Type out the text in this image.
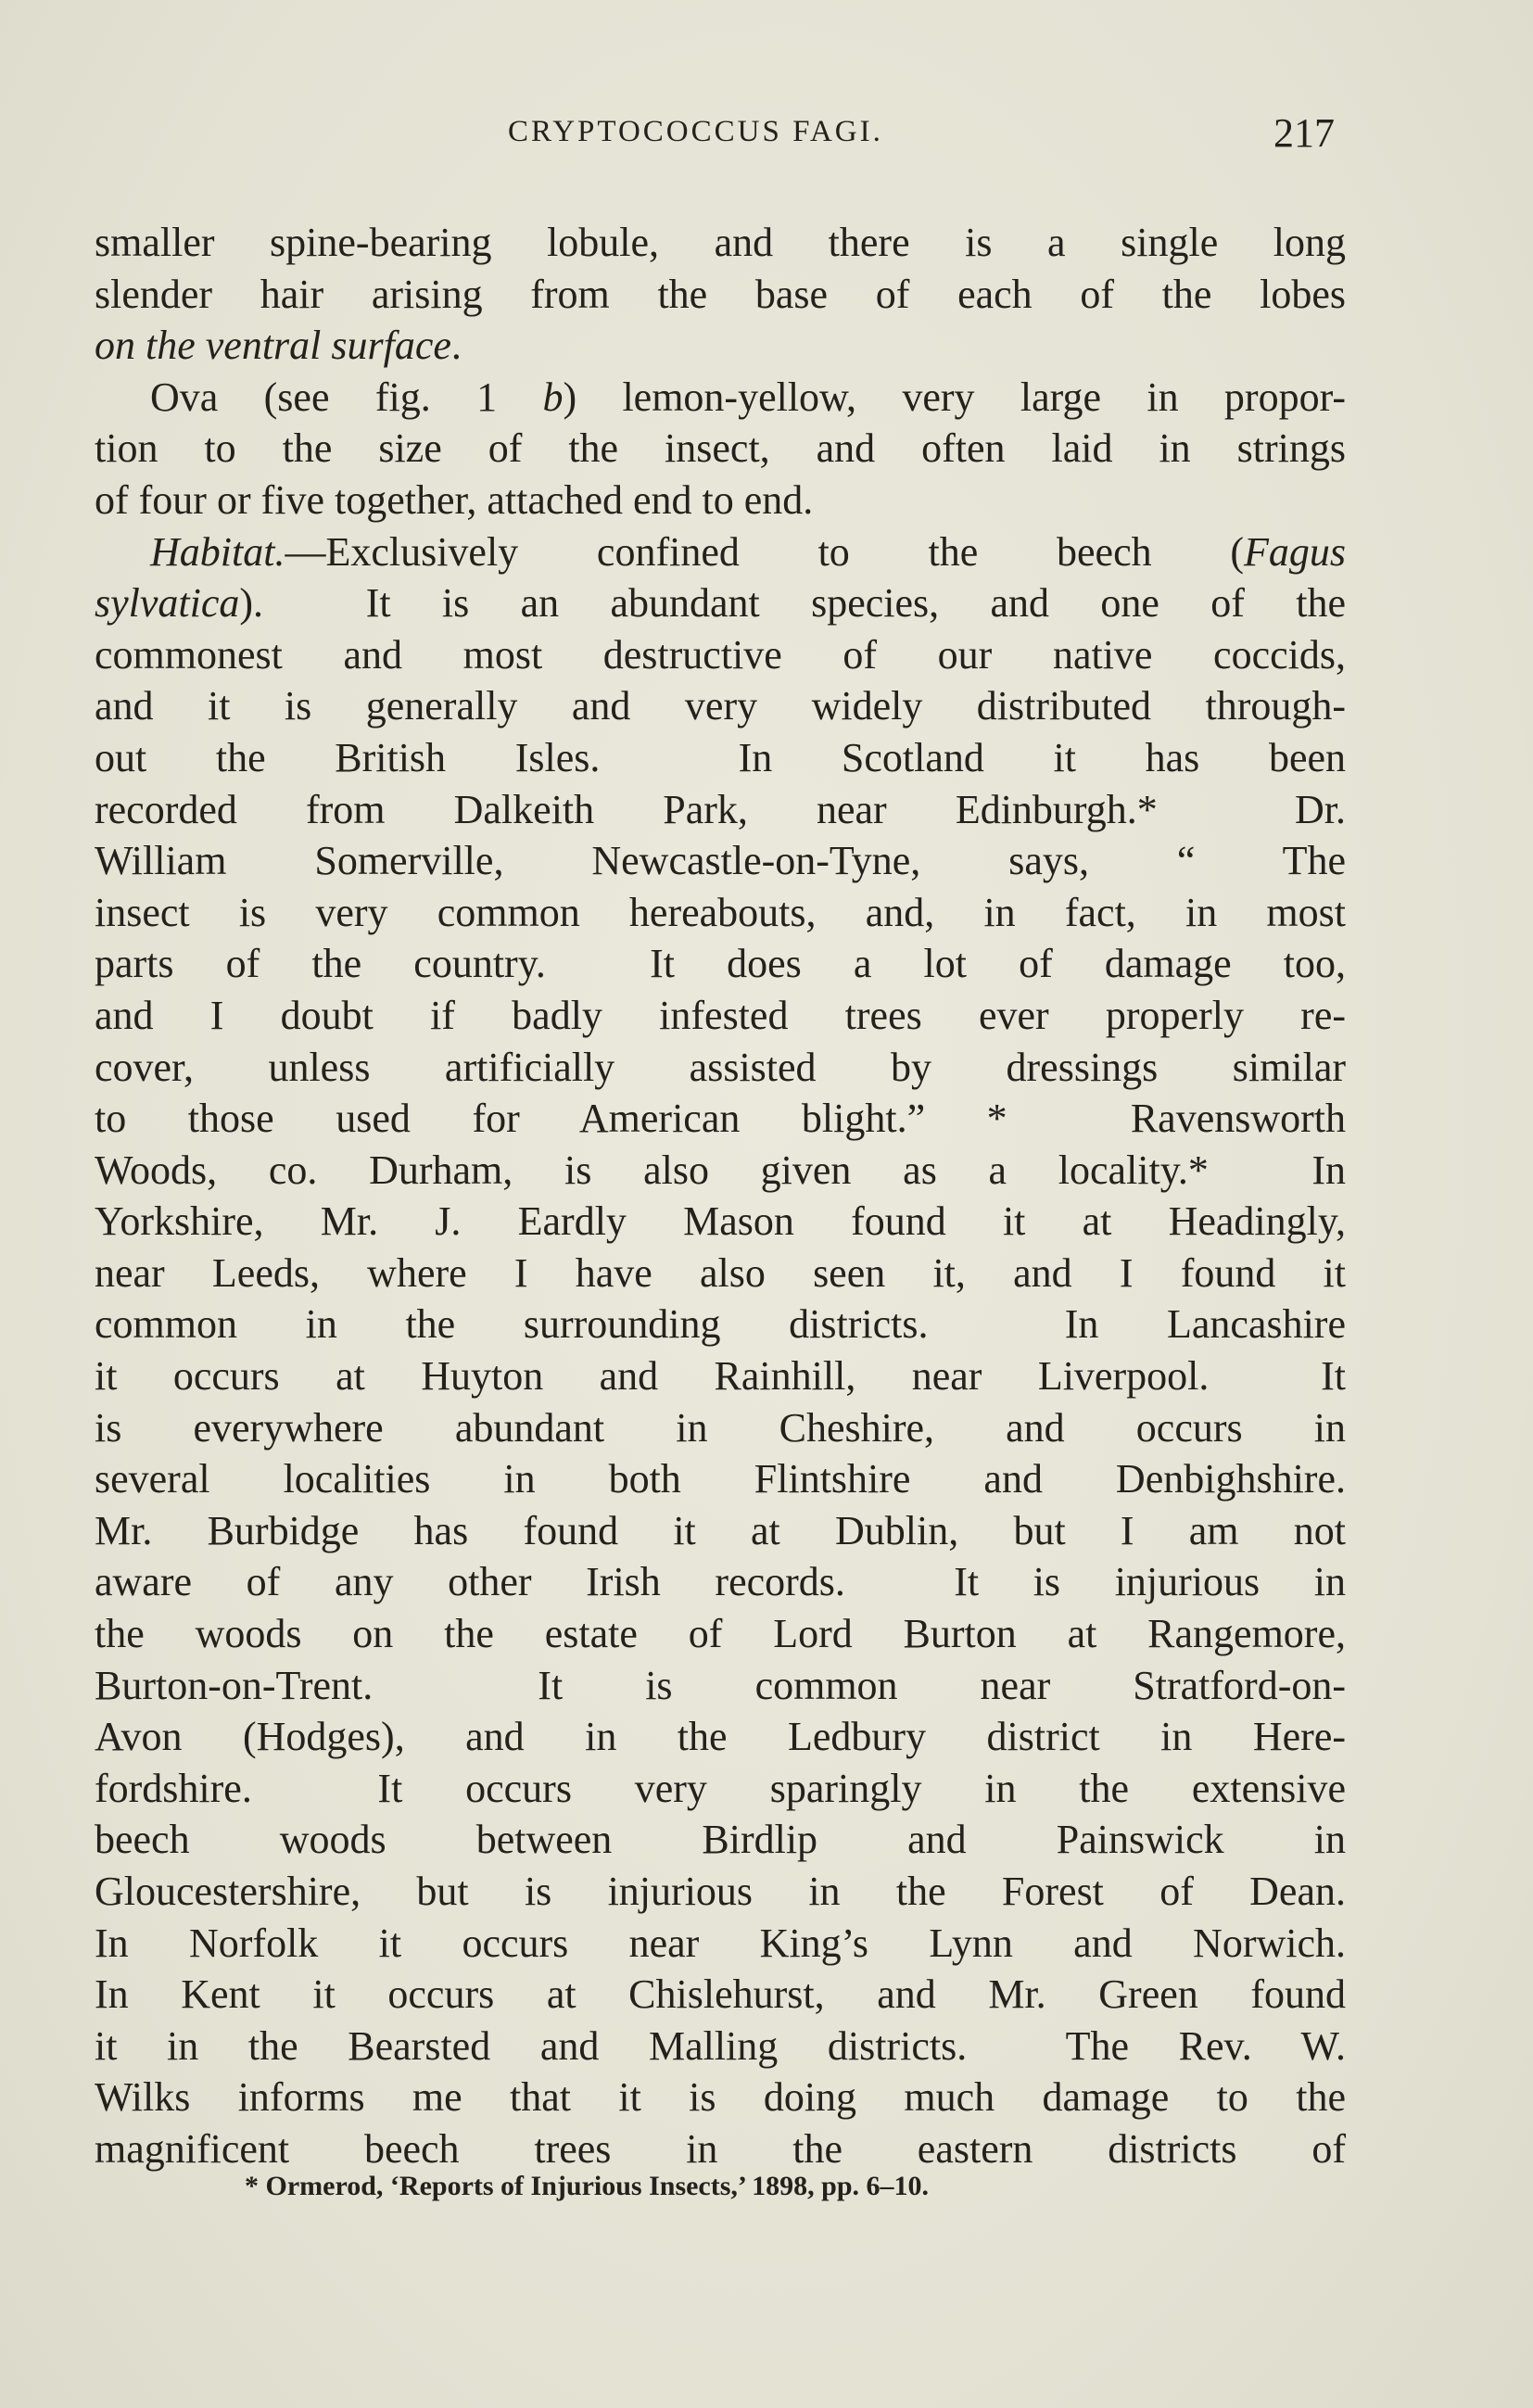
CRYPTOCOCCUS FAGI.	217
smaller spine-bearing lobule, and there is a single long
slender hair arising from the base of each of the lobes
on the ventral surface.
Ova (see fig. 1 b) lemon-yellow, very large in propor-
tion to the size of the insect, and often laid in strings
of four or five together, attached end to end.
Habitat.—Exclusively confined to the beech (Fagus
sylvatica).  It is an abundant species, and one of the
commonest and most destructive of our native coccids,
and it is generally and very widely distributed through-
out the British Isles.  In Scotland it has been
recorded from Dalkeith Park, near Edinburgh.*  Dr.
William Somerville, Newcastle-on-Tyne, says, “ The
insect is very common hereabouts, and, in fact, in most
parts of the country.  It does a lot of damage too,
and I doubt if badly infested trees ever properly re-
cover, unless artificially assisted by dressings similar
to those used for American blight.” *  Ravensworth
Woods, co. Durham, is also given as a locality.*  In
Yorkshire, Mr. J. Eardly Mason found it at Headingly,
near Leeds, where I have also seen it, and I found it
common in the surrounding districts.  In Lancashire
it occurs at Huyton and Rainhill, near Liverpool.  It
is everywhere abundant in Cheshire, and occurs in
several localities in both Flintshire and Denbighshire.
Mr. Burbidge has found it at Dublin, but I am not
aware of any other Irish records.  It is injurious in
the woods on the estate of Lord Burton at Rangemore,
Burton-on-Trent.  It is common near Stratford-on-
Avon (Hodges), and in the Ledbury district in Here-
fordshire.  It occurs very sparingly in the extensive
beech woods between Birdlip and Painswick in
Gloucestershire, but is injurious in the Forest of Dean.
In Norfolk it occurs near King’s Lynn and Norwich.
In Kent it occurs at Chislehurst, and Mr. Green found
it in the Bearsted and Malling districts.  The Rev. W.
Wilks informs me that it is doing much damage to the
magnificent beech trees in the eastern districts of
* Ormerod, ‘Reports of Injurious Insects,’ 1898, pp. 6–10.
